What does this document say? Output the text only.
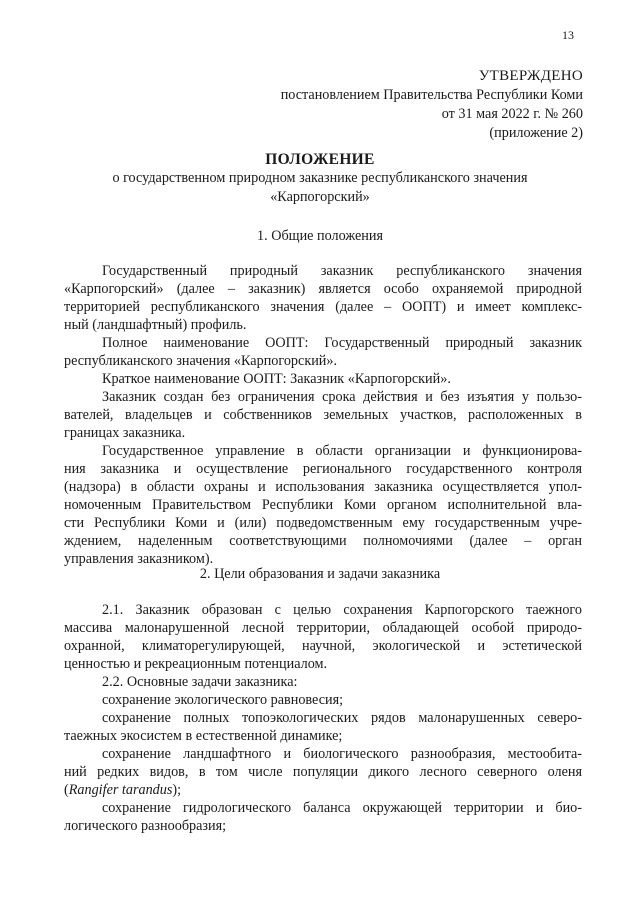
13
УТВЕРЖДЕНО
постановлением Правительства Республики Коми
от 31 мая 2022 г. № 260
(приложение 2)
ПОЛОЖЕНИЕ
о государственном природном заказнике республиканского значения
«Карпогорский»
1. Общие положения
Государственный природный заказник республиканского значения
«Карпогорский» (далее – заказник) является особо охраняемой природной
территорией республиканского значения (далее – ООПТ) и имеет комплекс-
ный (ландшафтный) профиль.
Полное наименование ООПТ: Государственный природный заказник
республиканского значения «Карпогорский».
Краткое наименование ООПТ: Заказник «Карпогорский».
Заказник создан без ограничения срока действия и без изъятия у пользо-
вателей, владельцев и собственников земельных участков, расположенных в
границах заказника.
Государственное управление в области организации и функционирова-
ния заказника и осуществление регионального государственного контроля
(надзора) в области охраны и использования заказника осуществляется упол-
номоченным Правительством Республики Коми органом исполнительной вла-
сти Республики Коми и (или) подведомственным ему государственным учре-
ждением, наделенным соответствующими полномочиями (далее – орган
управления заказником).
2. Цели образования и задачи заказника
2.1. Заказник образован с целью сохранения Карпогорского таежного
массива малонарушенной лесной территории, обладающей особой природо-
охранной, климаторегулирующей, научной, экологической и эстетической
ценностью и рекреационным потенциалом.
2.2. Основные задачи заказника:
сохранение экологического равновесия;
сохранение полных топоэкологических рядов малонарушенных северо-
таежных экосистем в естественной динамике;
сохранение ландшафтного и биологического разнообразия, местообита-
ний редких видов, в том числе популяции дикого лесного северного оленя
(Rangifer tarandus);
сохранение гидрологического баланса окружающей территории и био-
логического разнообразия;
